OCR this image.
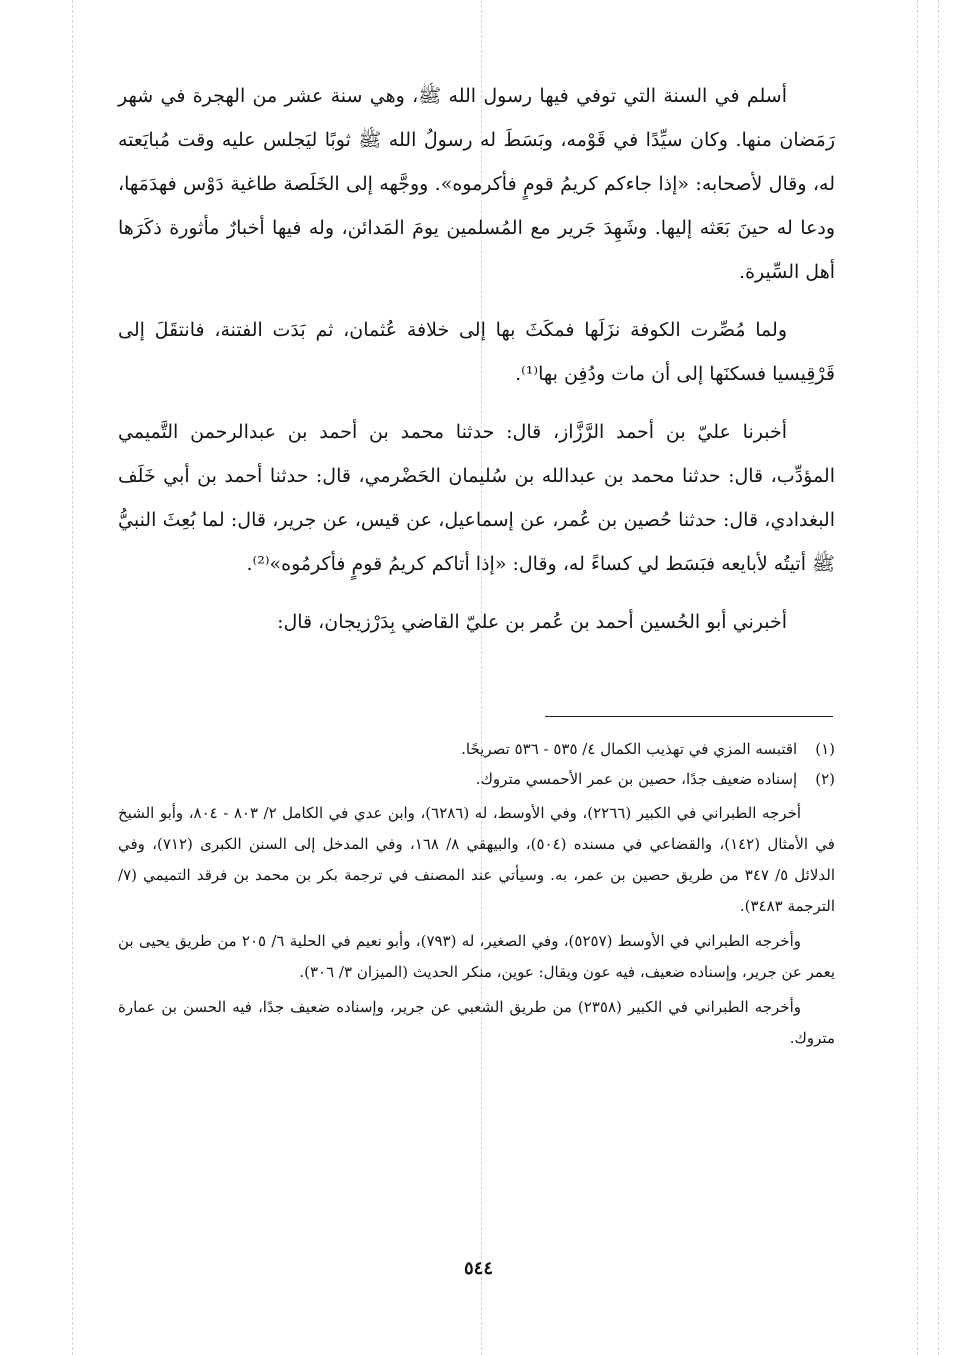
أسلم في السنة التي توفي فيها رسول الله ﷺ، وهي سنة عشر من الهجرة في شهر رَمَضان منها. وكان سيِّدًا في قَوْمه، وبَسَطَ له رسولُ الله ﷺ ثوبًا ليَجلس عليه وقت مُبايَعته له، وقال لأصحابه: «إذا جاءكم كريمُ قومٍ فأكرموه». ووجَّهه إلى الخَلَصة طاغية دَوْس فهدَمَها، ودعا له حينَ بَعَثه إليها. وشَهِدَ جَرير مع المُسلمين يومَ المَدائن، وله فيها أخبارٌ مأثورة ذكَرَها أهل السِّيرة.

ولما مُصِّرت الكوفة نزَلَها فمكَثَ بها إلى خلافة عُثمان، ثم بَدَت الفتنة، فانتقَلَ إلى قَرْقِيسيا فسكنَها إلى أن مات ودُفِن بها⁽¹⁾.

أخبرنا عليّ بن أحمد الرَّزَّاز، قال: حدثنا محمد بن أحمد بن عبدالرحمن التَّميمي المؤدِّب، قال: حدثنا محمد بن عبدالله بن سُليمان الحَضْرمي، قال: حدثنا أحمد بن أبي خَلَف البغدادي، قال: حدثنا حُصين بن عُمر، عن إسماعيل، عن قيس، عن جرير، قال: لما بُعِثَ النبيُّ ﷺ أتيتُه لأبايعه فبَسَط لي كساءً له، وقال: «إذا أتاكم كريمُ قومٍ فأكرمُوه»⁽²⁾.

أخبرني أبو الحُسين أحمد بن عُمر بن عليّ القاضي بِدَرْزيجان، قال:

(١)اقتبسه المزي في تهذيب الكمال ٤/ ٥٣٥ - ٥٣٦ تصريحًا.

(٢)إسناده ضعيف جدًا، حصين بن عمر الأحمسي متروك.

أخرجه الطبراني في الكبير (٢٢٦٦)، وفي الأوسط، له (٦٢٨٦)، وابن عدي في الكامل ٢/ ٨٠٣ - ٨٠٤، وأبو الشيخ في الأمثال (١٤٢)، والقضاعي في مسنده (٥٠٤)، والبيهقي ٨/ ١٦٨، وفي المدخل إلى السنن الكبرى (٧١٢)، وفي الدلائل ٥/ ٣٤٧ من طريق حصين بن عمر، به. وسيأتي عند المصنف في ترجمة بكر بن محمد بن فرقد التميمي (٧/ الترجمة ٣٤٨٣).

وأخرجه الطبراني في الأوسط (٥٢٥٧)، وفي الصغير، له (٧٩٣)، وأبو نعيم في الحلية ٦/ ٢٠٥ من طريق يحيى بن يعمر عن جرير، وإسناده ضعيف، فيه عون ويقال: عوين، منكر الحديث (الميزان ٣/ ٣٠٦).

وأخرجه الطبراني في الكبير (٢٣٥٨) من طريق الشعبي عن جرير، وإسناده ضعيف جدًا، فيه الحسن بن عمارة متروك.

٥٤٤
